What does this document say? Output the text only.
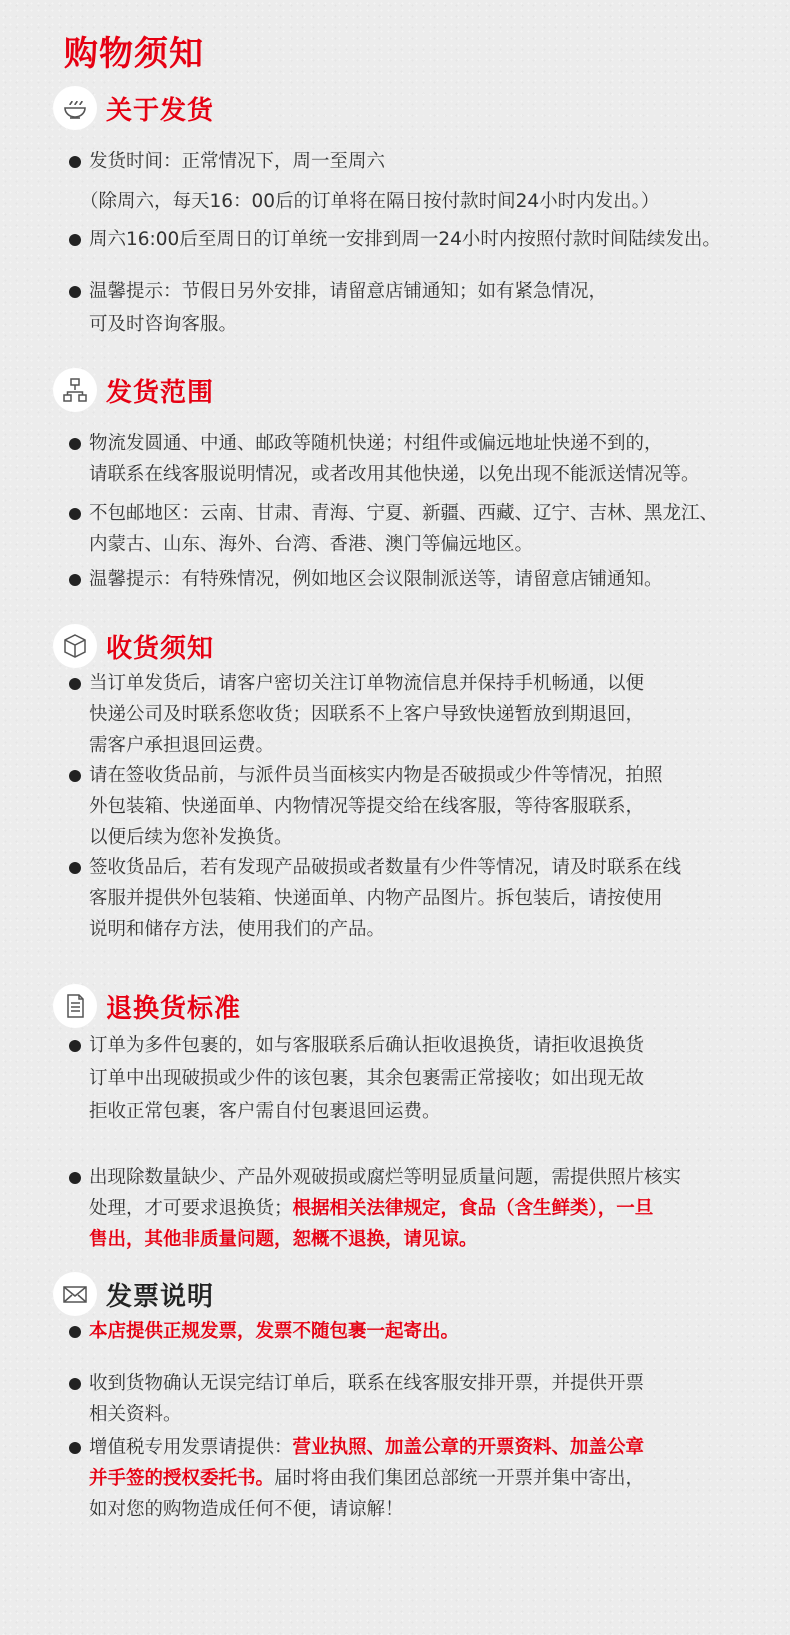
购物须知
关于发货
发货时间：正常情况下，周一至周六
（除周六，每天16：00后的订单将在隔日按付款时间24小时内发出。）
周六16:00后至周日的订单统一安排到周一24小时内按照付款时间陆续发出。
温馨提示：节假日另外安排，请留意店铺通知；如有紧急情况，
可及时咨询客服。
发货范围
物流发圆通、中通、邮政等随机快递；村组件或偏远地址快递不到的，
请联系在线客服说明情况，或者改用其他快递，以免出现不能派送情况等。
不包邮地区：云南、甘肃、青海、宁夏、新疆、西藏、辽宁、吉林、黑龙江、
内蒙古、山东、海外、台湾、香港、澳门等偏远地区。
温馨提示：有特殊情况，例如地区会议限制派送等，请留意店铺通知。
收货须知
当订单发货后，请客户密切关注订单物流信息并保持手机畅通，以便
快递公司及时联系您收货；因联系不上客户导致快递暂放到期退回，
需客户承担退回运费。
请在签收货品前，与派件员当面核实内物是否破损或少件等情况，拍照
外包装箱、快递面单、内物情况等提交给在线客服，等待客服联系，
以便后续为您补发换货。
签收货品后，若有发现产品破损或者数量有少件等情况，请及时联系在线
客服并提供外包装箱、快递面单、内物产品图片。拆包装后，请按使用
说明和储存方法，使用我们的产品。
退换货标准
订单为多件包裹的，如与客服联系后确认拒收退换货，请拒收退换货
订单中出现破损或少件的该包裹，其余包裹需正常接收；如出现无故
拒收正常包裹，客户需自付包裹退回运费。
出现除数量缺少、产品外观破损或腐烂等明显质量问题，需提供照片核实
处理，才可要求退换货；根据相关法律规定，食品（含生鲜类），一旦
售出，其他非质量问题，恕概不退换，请见谅。
发票说明
本店提供正规发票，发票不随包裹一起寄出。
收到货物确认无误完结订单后，联系在线客服安排开票，并提供开票
相关资料。
增值税专用发票请提供：营业执照、加盖公章的开票资料、加盖公章
并手签的授权委托书。届时将由我们集团总部统一开票并集中寄出，
如对您的购物造成任何不便，请谅解！
